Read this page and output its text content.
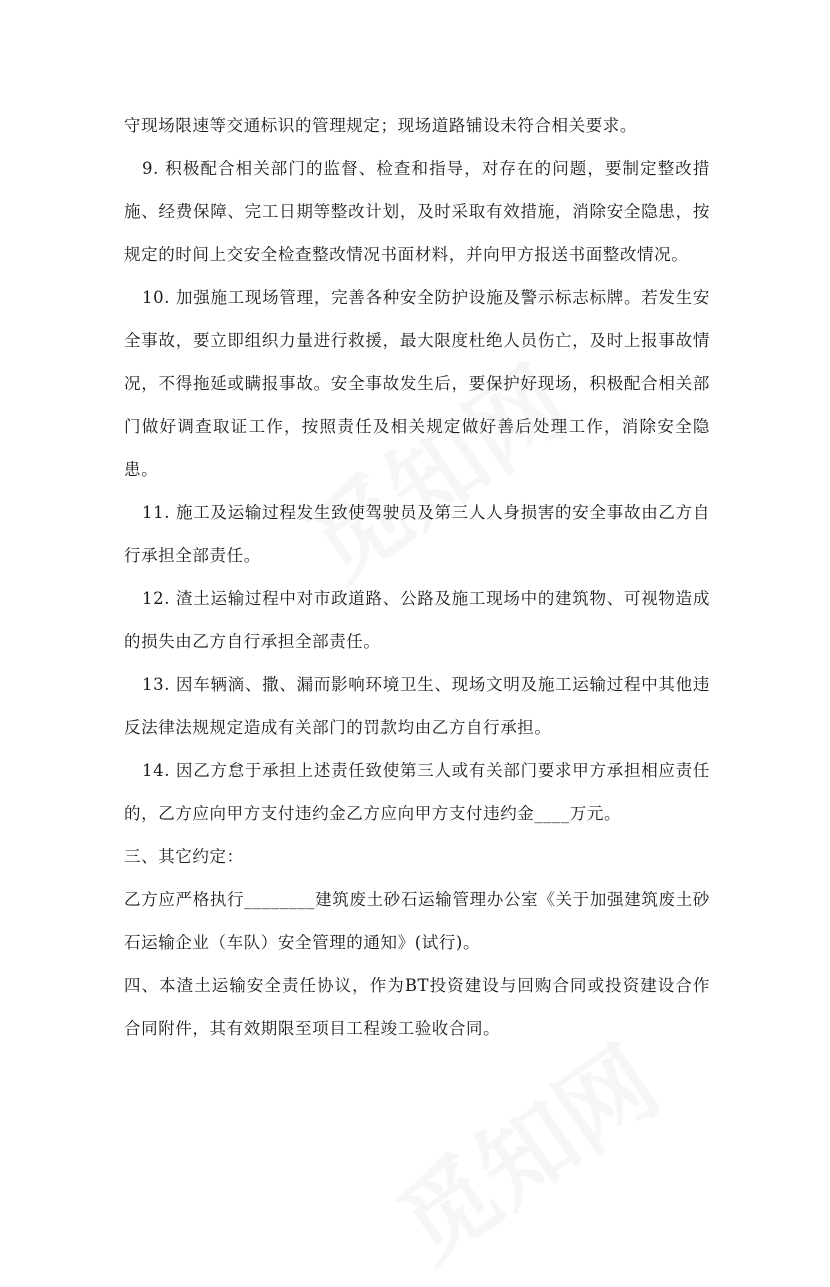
守现场限速等交通标识的管理规定；现场道路铺设未符合相关要求。

9. 积极配合相关部门的监督、检查和指导，对存在的问题，要制定整改措施、经费保障、完工日期等整改计划，及时采取有效措施，消除安全隐患，按规定的时间上交安全检查整改情况书面材料，并向甲方报送书面整改情况。

10. 加强施工现场管理，完善各种安全防护设施及警示标志标牌。若发生安全事故，要立即组织力量进行救援，最大限度杜绝人员伤亡，及时上报事故情况，不得拖延或瞒报事故。安全事故发生后，要保护好现场，积极配合相关部门做好调查取证工作，按照责任及相关规定做好善后处理工作，消除安全隐患。

11. 施工及运输过程发生致使驾驶员及第三人人身损害的安全事故由乙方自行承担全部责任。

12. 渣土运输过程中对市政道路、公路及施工现场中的建筑物、可视物造成的损失由乙方自行承担全部责任。

13. 因车辆滴、撒、漏而影响环境卫生、现场文明及施工运输过程中其他违反法律法规规定造成有关部门的罚款均由乙方自行承担。

14. 因乙方怠于承担上述责任致使第三人或有关部门要求甲方承担相应责任的，乙方应向甲方支付违约金乙方应向甲方支付违约金____万元。

三、其它约定：

乙方应严格执行________建筑废土砂石运输管理办公室《关于加强建筑废土砂石运输企业（车队）安全管理的通知》(试行)。

四、本渣土运输安全责任协议，作为BT投资建设与回购合同或投资建设合作合同附件，其有效期限至项目工程竣工验收合同。
